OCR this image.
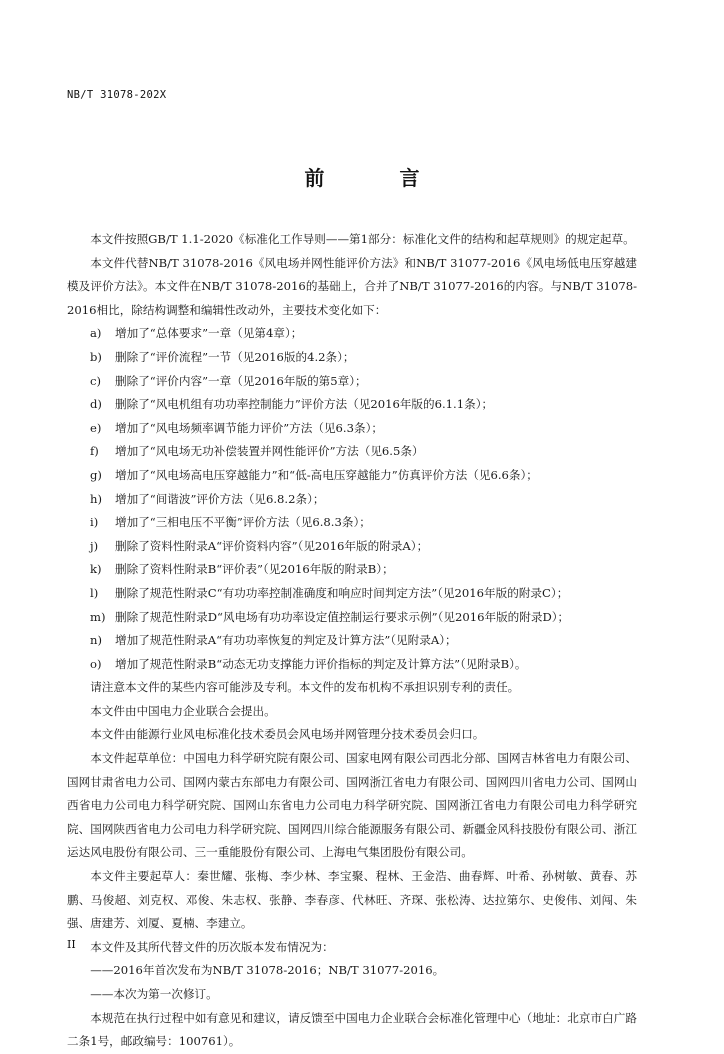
NB/T 31078-202X
前 言

本文件按照GB/T 1.1-2020《标准化工作导则——第1部分：标准化文件的结构和起草规则》的规定起草。

本文件代替NB/T 31078-2016《风电场并网性能评价方法》和NB/T 31077-2016《风电场低电压穿越建模及评价方法》。本文件在NB/T 31078-2016的基础上，合并了NB/T 31077-2016的内容。与NB/T 31078-2016相比，除结构调整和编辑性改动外，主要技术变化如下：

a)	增加了“总体要求”一章（见第4章）；
b)	删除了“评价流程”一节（见2016版的4.2条）；
c)	删除了“评价内容”一章（见2016年版的第5章）；
d)	删除了“风电机组有功功率控制能力”评价方法（见2016年版的6.1.1条）；
e)	增加了“风电场频率调节能力评价”方法（见6.3条）；
f)	增加了“风电场无功补偿装置并网性能评价”方法（见6.5条）
g)	增加了“风电场高电压穿越能力”和“低-高电压穿越能力”仿真评价方法（见6.6条）；
h)	增加了“间谐波”评价方法（见6.8.2条）；
i)	增加了“三相电压不平衡”评价方法（见6.8.3条）；
j)	删除了资料性附录A“评价资料内容”（见2016年版的附录A）；
k)	删除了资料性附录B“评价表”（见2016年版的附录B）；
l)	删除了规范性附录C“有功功率控制准确度和响应时间判定方法”（见2016年版的附录C）；
m) 删除了规范性附录D“风电场有功功率设定值控制运行要求示例”（见2016年版的附录D）；
n)	增加了规范性附录A“有功功率恢复的判定及计算方法”（见附录A）；
o)	增加了规范性附录B“动态无功支撑能力评价指标的判定及计算方法”（见附录B）。

请注意本文件的某些内容可能涉及专利。本文件的发布机构不承担识别专利的责任。

本文件由中国电力企业联合会提出。

本文件由能源行业风电标准化技术委员会风电场并网管理分技术委员会归口。

本文件起草单位：中国电力科学研究院有限公司、国家电网有限公司西北分部、国网吉林省电力有限公司、国网甘肃省电力公司、国网内蒙古东部电力有限公司、国网浙江省电力有限公司、国网四川省电力公司、国网山西省电力公司电力科学研究院、国网山东省电力公司电力科学研究院、国网浙江省电力有限公司电力科学研究院、国网陕西省电力公司电力科学研究院、国网四川综合能源服务有限公司、新疆金风科技股份有限公司、浙江运达风电股份有限公司、三一重能股份有限公司、上海电气集团股份有限公司。

本文件主要起草人：秦世耀、张梅、李少林、李宝聚、程林、王金浩、曲春辉、叶希、孙树敏、黄春、苏鹏、马俊超、刘克权、邓俊、朱志权、张静、李春彦、代林旺、齐琛、张松涛、达拉第尔、史俊伟、刘闯、朱强、唐建芳、刘厦、夏楠、李建立。

本文件及其所代替文件的历次版本发布情况为：

——2016年首次发布为NB/T 31078-2016；NB/T 31077-2016。

——本次为第一次修订。

本规范在执行过程中如有意见和建议，请反馈至中国电力企业联合会标准化管理中心（地址：北京市白广路二条1号，邮政编号：100761）。

II
